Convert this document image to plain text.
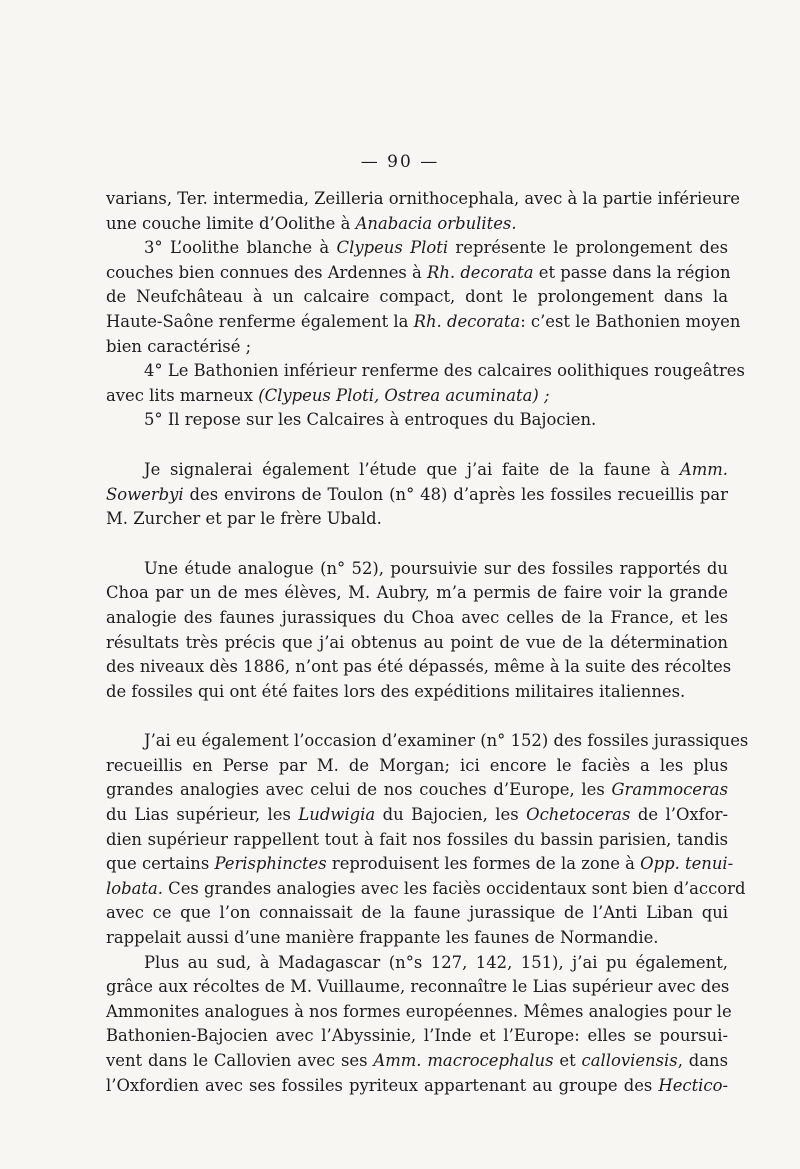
— 90 —
varians, Ter. intermedia, Zeilleria ornithocephala, avec à la partie inférieure
une couche limite d’Oolithe à Anabacia orbulites.
3° L’oolithe blanche à Clypeus Ploti représente le prolongement des
couches bien connues des Ardennes à Rh. decorata et passe dans la région
de Neufchâteau à un calcaire compact, dont le prolongement dans la
Haute-Saône renferme également la Rh. decorata: c’est le Bathonien moyen
bien caractérisé ;
4° Le Bathonien inférieur renferme des calcaires oolithiques rougeâtres
avec lits marneux (Clypeus Ploti, Ostrea acuminata) ;
5° Il repose sur les Calcaires à entroques du Bajocien.
Je signalerai également l’étude que j’ai faite de la faune à Amm.
Sowerbyi des environs de Toulon (n° 48) d’après les fossiles recueillis par
M. Zurcher et par le frère Ubald.
Une étude analogue (n° 52), poursuivie sur des fossiles rapportés du
Choa par un de mes élèves, M. Aubry, m’a permis de faire voir la grande
analogie des faunes jurassiques du Choa avec celles de la France, et les
résultats très précis que j’ai obtenus au point de vue de la détermination
des niveaux dès 1886, n’ont pas été dépassés, même à la suite des récoltes
de fossiles qui ont été faites lors des expéditions militaires italiennes.
J’ai eu également l’occasion d’examiner (n° 152) des fossiles jurassiques
recueillis en Perse par M. de Morgan; ici encore le faciès a les plus
grandes analogies avec celui de nos couches d’Europe, les Grammoceras
du Lias supérieur, les Ludwigia du Bajocien, les Ochetoceras de l’Oxfor-
dien supérieur rappellent tout à fait nos fossiles du bassin parisien, tandis
que certains Perisphinctes reproduisent les formes de la zone à Opp. tenui-
lobata. Ces grandes analogies avec les faciès occidentaux sont bien d’accord
avec ce que l’on connaissait de la faune jurassique de l’Anti Liban qui
rappelait aussi d’une manière frappante les faunes de Normandie.
Plus au sud, à Madagascar (n°s 127, 142, 151), j’ai pu également,
grâce aux récoltes de M. Vuillaume, reconnaître le Lias supérieur avec des
Ammonites analogues à nos formes européennes. Mêmes analogies pour le
Bathonien-Bajocien avec l’Abyssinie, l’Inde et l’Europe: elles se poursui-
vent dans le Callovien avec ses Amm. macrocephalus et calloviensis, dans
l’Oxfordien avec ses fossiles pyriteux appartenant au groupe des Hectico-
